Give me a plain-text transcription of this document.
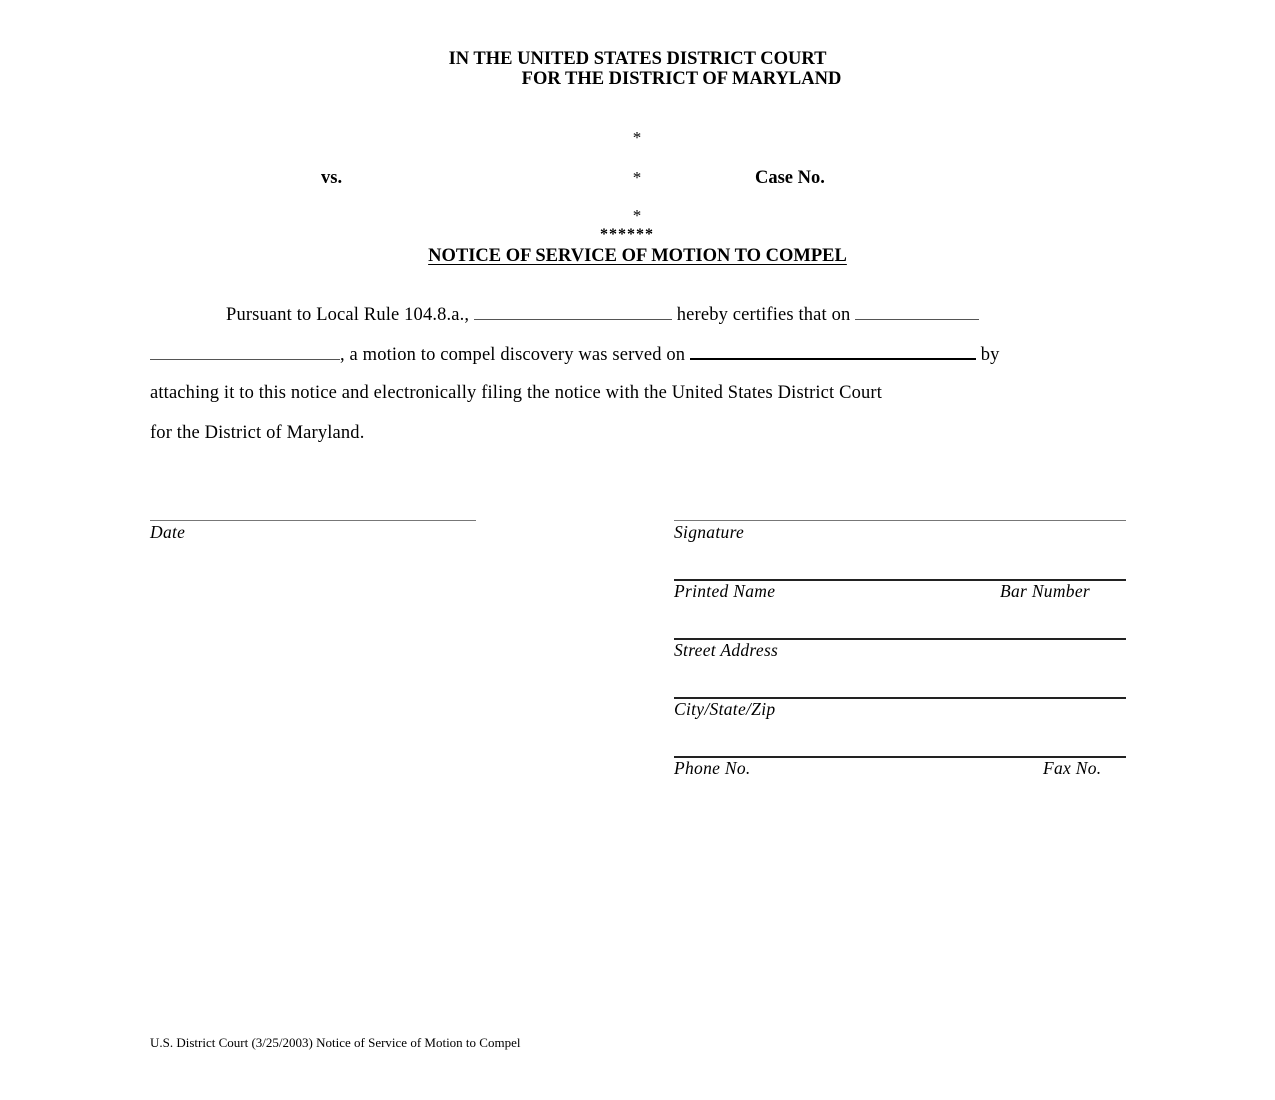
IN THE UNITED STATES DISTRICT COURT
FOR THE DISTRICT OF MARYLAND
*
*
*
vs.	Case No.
******
NOTICE OF SERVICE OF MOTION TO COMPEL
Pursuant to Local Rule 104.8.a.,	hereby certifies that on
, a motion to compel discovery was served on	by
attaching it to this notice and electronically filing the notice with the United States District Court
for the District of Maryland.
Date	Signature
Printed Name	Bar Number
Street Address
City/State/Zip
Phone No.	Fax No.
U.S. District Court (3/25/2003) Notice of Service of Motion to Compel
